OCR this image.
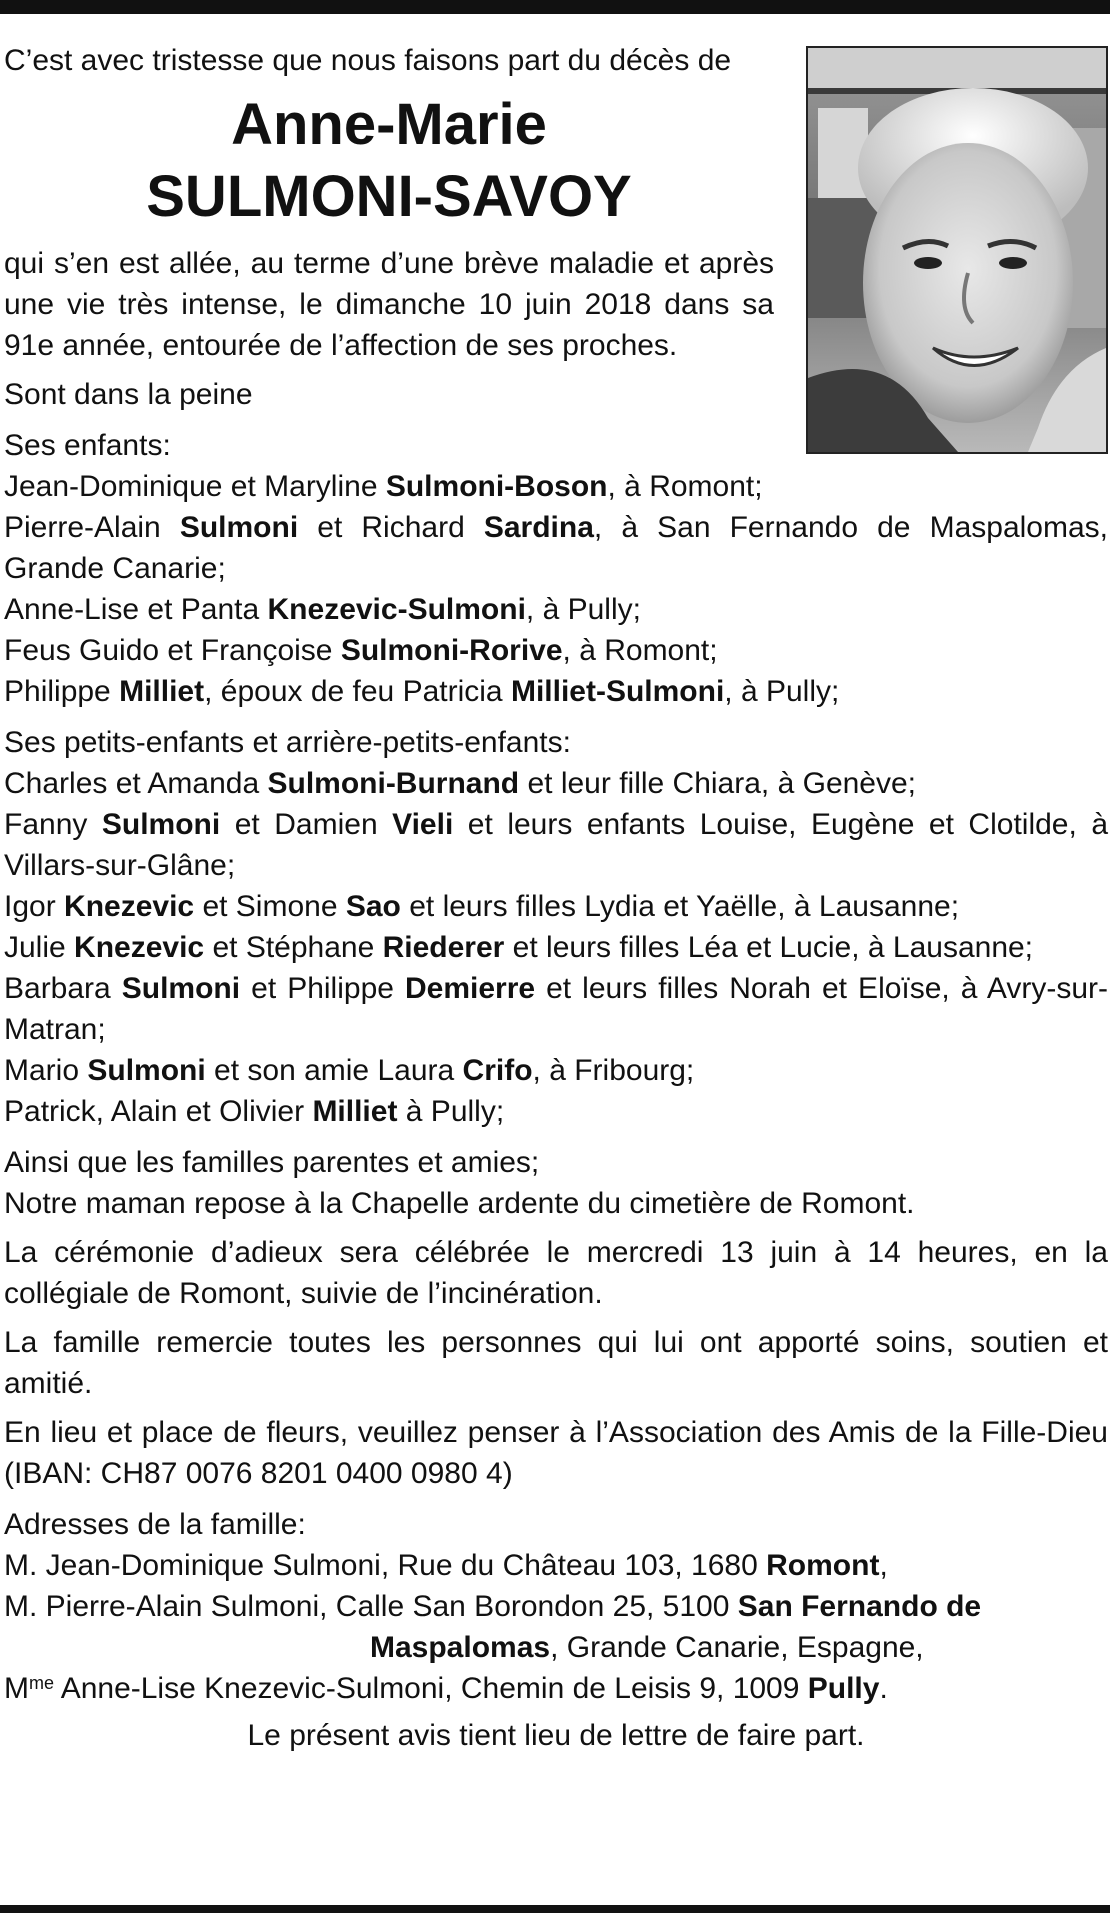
C’est avec tristesse que nous faisons part du décès de

Anne-Marie
SULMONI-SAVOY

qui s’en est allée, au terme d’une brève maladie et après une vie très intense, le dimanche 10 juin 2018 dans sa 91e année, entourée de l’affection de ses proches.

Sont dans la peine

Ses enfants:

Jean-Dominique et Maryline Sulmoni-Boson, à Romont;

Pierre-Alain Sulmoni et Richard Sardina, à San Fernando de Maspalomas, Grande Canarie;

Anne-Lise et Panta Knezevic-Sulmoni, à Pully;

Feus Guido et Françoise Sulmoni-Rorive, à Romont;

Philippe Milliet, époux de feu Patricia Milliet-Sulmoni, à Pully;

Ses petits-enfants et arrière-petits-enfants:

Charles et Amanda Sulmoni-Burnand et leur fille Chiara, à Genève;

Fanny Sulmoni et Damien Vieli et leurs enfants Louise, Eugène et Clotilde, à Villars-sur-Glâne;

Igor Knezevic et Simone Sao et leurs filles Lydia et Yaëlle, à Lausanne;

Julie Knezevic et Stéphane Riederer et leurs filles Léa et Lucie, à Lausanne;

Barbara Sulmoni et Philippe Demierre et leurs filles Norah et Eloïse, à Avry-sur-Matran;

Mario Sulmoni et son amie Laura Crifo, à Fribourg;

Patrick, Alain et Olivier Milliet à Pully;

Ainsi que les familles parentes et amies;

Notre maman repose à la Chapelle ardente du cimetière de Romont.

La cérémonie d’adieux sera célébrée le mercredi 13 juin à 14 heures, en la collégiale de Romont, suivie de l’incinération.

La famille remercie toutes les personnes qui lui ont apporté soins, soutien et amitié.

En lieu et place de fleurs, veuillez penser à l’Association des Amis de la Fille-Dieu (IBAN: CH87 0076 8201 0400 0980 4)

Adresses de la famille:

M. Jean-Dominique Sulmoni, Rue du Château 103, 1680 Romont,

M. Pierre-Alain Sulmoni, Calle San Borondon 25, 5100 San Fernando de

Maspalomas, Grande Canarie, Espagne,

$M^{me}$ Anne-Lise Knezevic-Sulmoni, Chemin de Leisis 9, 1009 Pully.

Le présent avis tient lieu de lettre de faire part.
